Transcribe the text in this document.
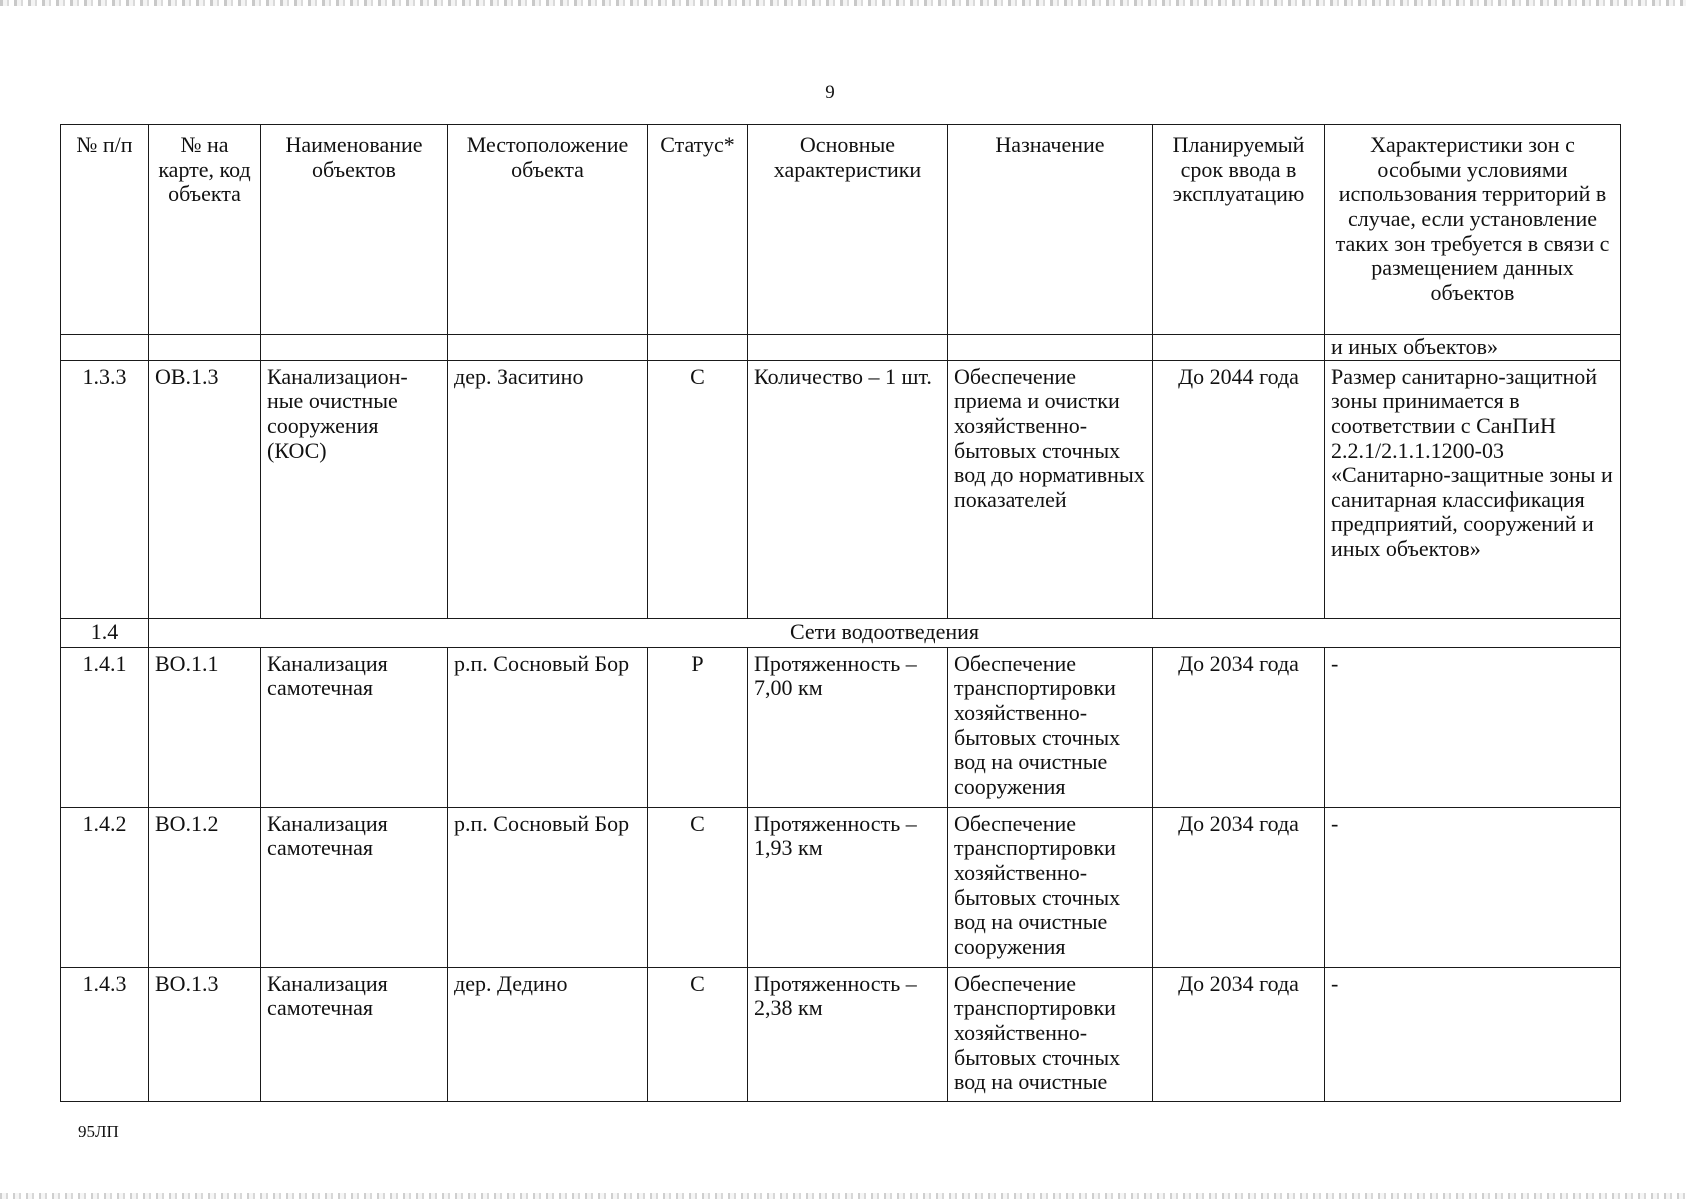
9
№ п/п	№ на карте, код объекта	Наименование объектов	Местоположение объекта	Статус*	Основные характеристики	Назначение	Планируемый срок ввода в эксплуатацию	Характеристики зон с особыми условиями использования территорий в случае, если установление таких зон требуется в связи с размещением данных объектов
								и иных объектов»
1.3.3	ОВ.1.3	Канализацион-ные очистные сооружения (КОС)	дер. Заситино	С	Количество – 1 шт.	Обеспечение приема и очистки хозяйственно-бытовых сточных вод до нормативных показателей	До 2044 года	Размер санитарно-защитной зоны принимается в соответствии с СанПиН 2.2.1/2.1.1.1200-03 «Санитарно-защитные зоны и санитарная классификация предприятий, сооружений и иных объектов»
1.4	Сети водоотведения							
1.4.1	ВО.1.1	Канализация самотечная	р.п. Сосновый Бор	Р	Протяженность – 7,00 км	Обеспечение транспортировки хозяйственно-бытовых сточных вод на очистные сооружения	До 2034 года	-
1.4.2	ВО.1.2	Канализация самотечная	р.п. Сосновый Бор	С	Протяженность – 1,93 км	Обеспечение транспортировки хозяйственно-бытовых сточных вод на очистные сооружения	До 2034 года	-
1.4.3	ВО.1.3	Канализация самотечная	дер. Дедино	С	Протяженность – 2,38 км	Обеспечение транспортировки хозяйственно-бытовых сточных вод на очистные	До 2034 года	-
95ЛП
